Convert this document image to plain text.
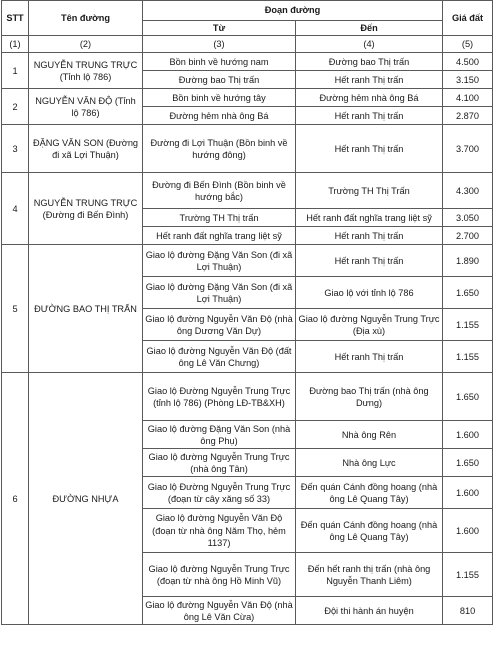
STT	Tên đường	Đoạn đường		Giá đất
		Từ	Đến	
(1)	(2)	(3)	(4)	(5)
1	NGUYỄN TRUNG TRỰC (Tỉnh lộ 786)	Bồn binh về hướng nam	Đường bao Thị trấn	4.500
		Đường bao Thị trấn	Hết ranh Thị trấn	3.150
2	NGUYỄN VĂN ĐỘ (Tỉnh lộ 786)	Bồn binh về hướng tây	Đường hẻm nhà ông Bá	4.100
		Đường hẻm nhà ông Bá	Hết ranh Thị trấn	2.870
3	ĐẶNG VĂN SON (Đường đi xã Lợi Thuận)	Đường đi Lợi Thuận (Bồn binh về hướng đông)	Hết ranh Thị trấn	3.700
4	NGUYỄN TRUNG TRỰC (Đường đi Bến Đình)	Đường đi Bến Đình (Bồn binh về hướng bắc)	Trường TH Thị Trấn	4.300
		Trường TH Thị trấn	Hết ranh đất nghĩa trang liệt sỹ	3.050
		Hết ranh đất nghĩa trang liệt sỹ	Hết ranh Thị trấn	2.700
5	ĐƯỜNG BAO THỊ TRẤN	Giao lộ đường Đặng Văn Son (đi xã Lợi Thuận)	Hết ranh Thị trấn	1.890
		Giao lộ đường Đặng Văn Son (đi xã Lợi Thuận)	Giao lộ với tỉnh lộ 786	1.650
		Giao lộ đường Nguyễn Văn Độ (nhà ông Dương Văn Dự)	Giao lộ đường Nguyễn Trung Trực (Địa xù)	1.155
		Giao lộ đường Nguyễn Văn Độ (đất ông Lê Văn Chưng)	Hết ranh Thị trấn	1.155
6	ĐƯỜNG NHỰA	Giao lộ Đường Nguyễn Trung Trực (tỉnh lộ 786) (Phòng LĐ-TB&XH)	Đường bao Thị trấn (nhà ông Dưng)	1.650
		Giao lộ đường Đặng Văn Son (nhà ông Phụ)	Nhà ông Rên	1.600
		Giao lộ đường Nguyễn Trung Trực (nhà ông Tân)	Nhà ông Lực	1.650
		Giao lộ Đường Nguyễn Trung Trực (đoạn từ cây xăng số 33)	Đến quán Cánh đồng hoang (nhà ông Lê Quang Tây)	1.600
		Giao lộ đường Nguyễn Văn Độ (đoạn từ nhà ông Năm Thọ, hẻm 1137)	Đến quán Cánh đồng hoang (nhà ông Lê Quang Tây)	1.600
		Giao lộ đường Nguyễn Trung Trực (đoạn từ nhà ông Hồ Minh Vũ)	Đến hết ranh thị trấn (nhà ông Nguyễn Thanh Liêm)	1.155
		Giao lộ đường Nguyễn Văn Độ (nhà ông Lê Văn Cừa)	Đội thi hành án huyện	810
